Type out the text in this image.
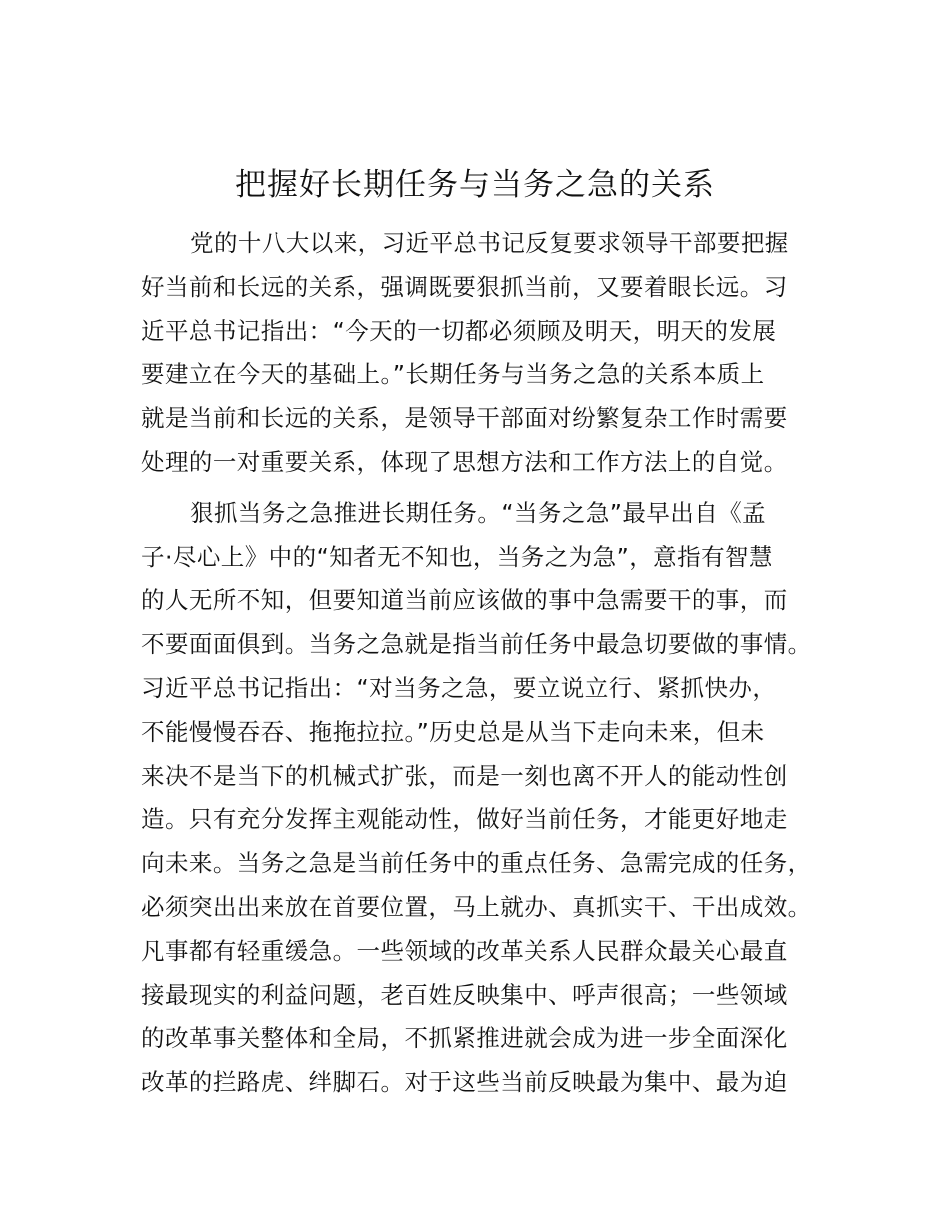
把握好长期任务与当务之急的关系
党的十八大以来，习近平总书记反复要求领导干部要把握
好当前和长远的关系，强调既要狠抓当前，又要着眼长远。习
近平总书记指出：“今天的一切都必须顾及明天，明天的发展
要建立在今天的基础上。”长期任务与当务之急的关系本质上
就是当前和长远的关系，是领导干部面对纷繁复杂工作时需要
处理的一对重要关系，体现了思想方法和工作方法上的自觉。
狠抓当务之急推进长期任务。“当务之急”最早出自《孟
子·尽心上》中的“知者无不知也，当务之为急”，意指有智慧
的人无所不知，但要知道当前应该做的事中急需要干的事，而
不要面面俱到。当务之急就是指当前任务中最急切要做的事情。
习近平总书记指出：“对当务之急，要立说立行、紧抓快办，
不能慢慢吞吞、拖拖拉拉。”历史总是从当下走向未来，但未
来决不是当下的机械式扩张，而是一刻也离不开人的能动性创
造。只有充分发挥主观能动性，做好当前任务，才能更好地走
向未来。当务之急是当前任务中的重点任务、急需完成的任务，
必须突出出来放在首要位置，马上就办、真抓实干、干出成效。
凡事都有轻重缓急。一些领域的改革关系人民群众最关心最直
接最现实的利益问题，老百姓反映集中、呼声很高；一些领域
的改革事关整体和全局，不抓紧推进就会成为进一步全面深化
改革的拦路虎、绊脚石。对于这些当前反映最为集中、最为迫
